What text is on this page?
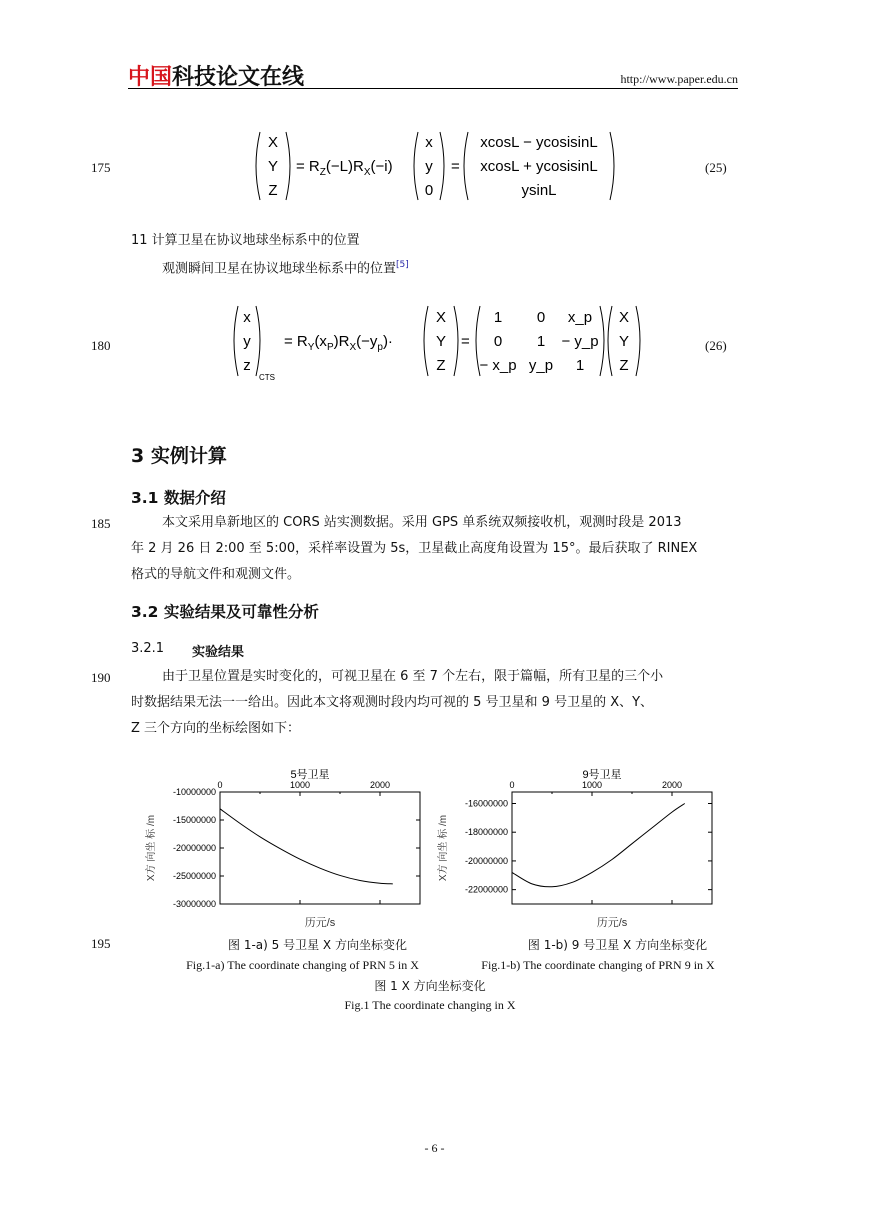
中国科技论文在线	http://www.paper.edu.cn
175	(25)
X
Y
Z
= $R_Z(-L)R_X(-i)$
x
y
0
=
xcosL − ycosisinL
xcosL + ycosisinL
ysinL
11 计算卫星在协议地球坐标系中的位置
观测瞬间卫星在协议地球坐标系中的位置[5]
180	(26)
x
y
z
CTS
= $R_Y(x_P)R_X(-y_p)\cdot$
X
Y
Z
=
1 0 x_p
0 1 − y_p
− x_p y_p 1
X
Y
Z
3 实例计算
3.1 数据介绍
185	本文采用阜新地区的 CORS 站实测数据。采用 GPS 单系统双频接收机，观测时段是 2013
年 2 月 26 日 2:00 至 5:00，采样率设置为 5s，卫星截止高度角设置为 15°。最后获取了 RINEX
格式的导航文件和观测文件。
3.2 实验结果及可靠性分析
3.2.1 实验结果
190	由于卫星位置是实时变化的，可视卫星在 6 至 7 个左右，限于篇幅，所有卫星的三个小
时数据结果无法一一给出。因此本文将观测时段内均可视的 5 号卫星和 9 号卫星的 X、Y、
Z 三个方向的坐标绘图如下：
5号卫星
0	1000	2000
-10000000
-15000000
-20000000
-25000000
-30000000
X方 向坐 标 /m
历元/s
9号卫星
0	1000	2000
-16000000
-18000000
-20000000
-22000000
X方 向坐 标 /m
历元/s
195	图 1-a) 5 号卫星 X 方向坐标变化	图 1-b) 9 号卫星 X 方向坐标变化
Fig.1-a) The coordinate changing of PRN 5 in X	Fig.1-b) The coordinate changing of PRN 9 in X
图 1 X 方向坐标变化
Fig.1 The coordinate changing in X
- 6 -
